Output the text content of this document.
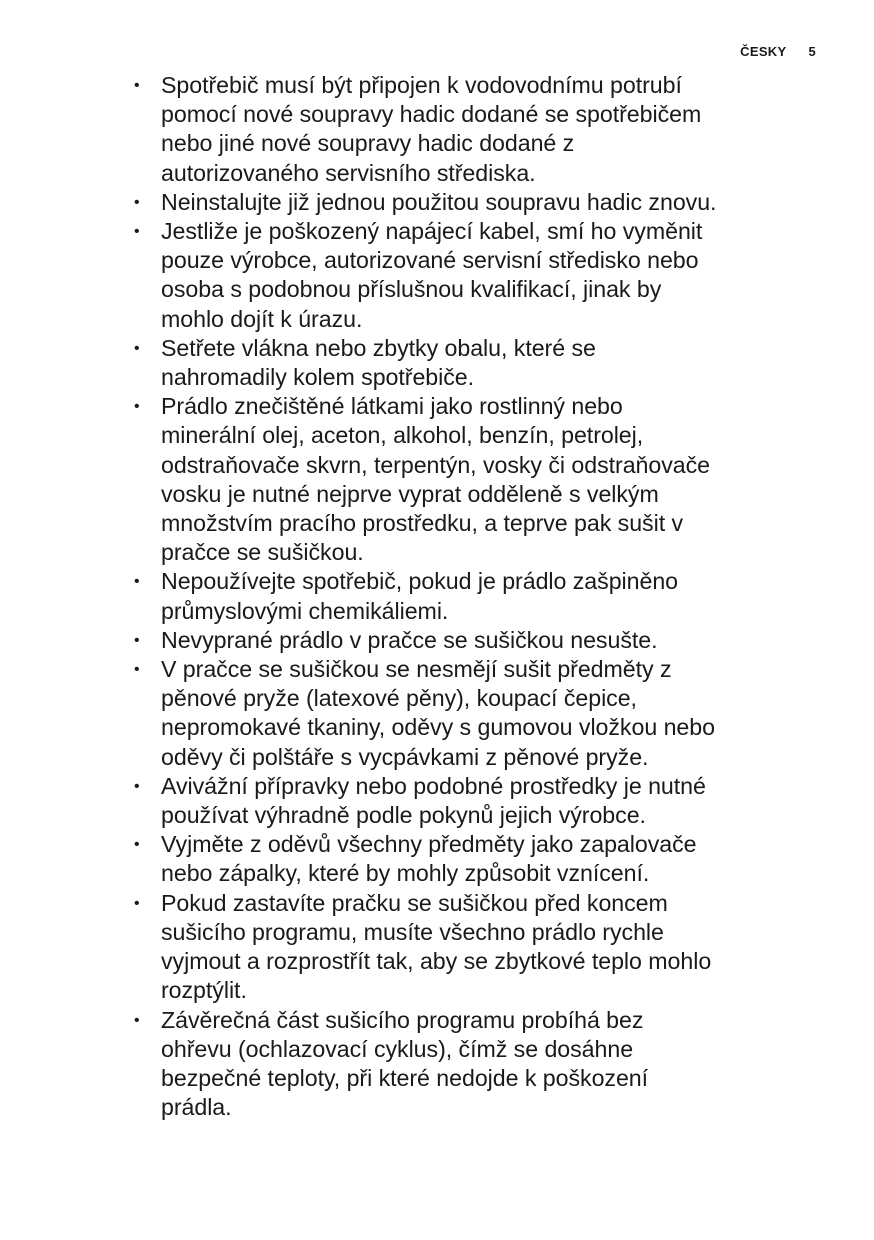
ČESKY 5
• Spotřebič musí být připojen k vodovodnímu potrubí
pomocí nové soupravy hadic dodané se spotřebičem
nebo jiné nové soupravy hadic dodané z
autorizovaného servisního střediska.
• Neinstalujte již jednou použitou soupravu hadic znovu.
• Jestliže je poškozený napájecí kabel, smí ho vyměnit
pouze výrobce, autorizované servisní středisko nebo
osoba s podobnou příslušnou kvalifikací, jinak by
mohlo dojít k úrazu.
• Setřete vlákna nebo zbytky obalu, které se
nahromadily kolem spotřebiče.
• Prádlo znečištěné látkami jako rostlinný nebo
minerální olej, aceton, alkohol, benzín, petrolej,
odstraňovače skvrn, terpentýn, vosky či odstraňovače
vosku je nutné nejprve vyprat odděleně s velkým
množstvím pracího prostředku, a teprve pak sušit v
pračce se sušičkou.
• Nepoužívejte spotřebič, pokud je prádlo zašpiněno
průmyslovými chemikáliemi.
• Nevyprané prádlo v pračce se sušičkou nesušte.
• V pračce se sušičkou se nesmějí sušit předměty z
pěnové pryže (latexové pěny), koupací čepice,
nepromokavé tkaniny, oděvy s gumovou vložkou nebo
oděvy či polštáře s vycpávkami z pěnové pryže.
• Avivážní přípravky nebo podobné prostředky je nutné
používat výhradně podle pokynů jejich výrobce.
• Vyjměte z oděvů všechny předměty jako zapalovače
nebo zápalky, které by mohly způsobit vznícení.
• Pokud zastavíte pračku se sušičkou před koncem
sušicího programu, musíte všechno prádlo rychle
vyjmout a rozprostřít tak, aby se zbytkové teplo mohlo
rozptýlit.
• Závěrečná část sušicího programu probíhá bez
ohřevu (ochlazovací cyklus), čímž se dosáhne
bezpečné teploty, při které nedojde k poškození
prádla.
